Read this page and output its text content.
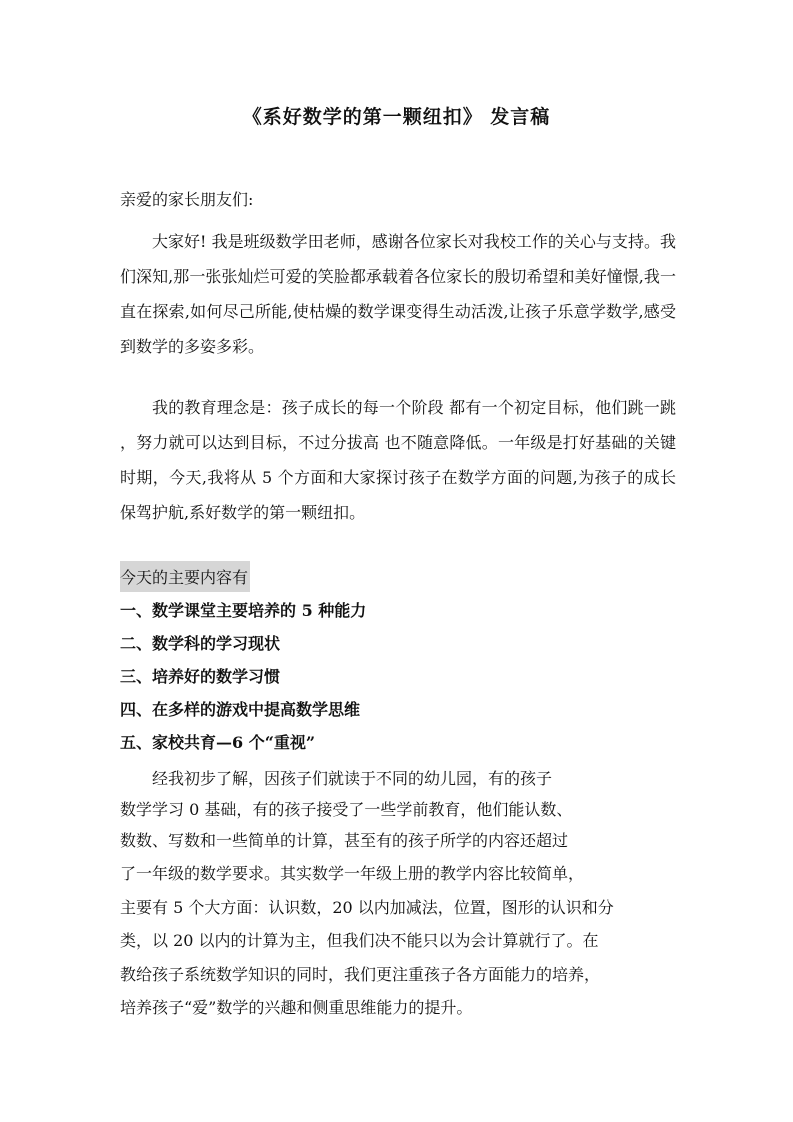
《系好数学的第一颗纽扣》 发言稿
亲爱的家长朋友们:

大家好! 我是班级数学田老师，感谢各位家长对我校工作的关心与支持。我们深知,那一张张灿烂可爱的笑脸都承载着各位家长的殷切希望和美好憧憬,我一直在探索,如何尽己所能,使枯燥的数学课变得生动活泼,让孩子乐意学数学,感受到数学的多姿多彩。

我的教育理念是：孩子成长的每一个阶段 都有一个初定目标，他们跳一跳 ，努力就可以达到目标，不过分拔高 也不随意降低。一年级是打好基础的关键时期，今天,我将从 5 个方面和大家探讨孩子在数学方面的问题,为孩子的成长保驾护航,系好数学的第一颗纽扣。

今天的主要内容有
一、数学课堂主要培养的 5 种能力
二、数学科的学习现状
三、培养好的数学习惯
四、在多样的游戏中提高数学思维
五、家校共育—6 个“重视”
经我初步了解，因孩子们就读于不同的幼儿园，有的孩子
数学学习 0 基础，有的孩子接受了一些学前教育，他们能认数、
数数、写数和一些简单的计算，甚至有的孩子所学的内容还超过
了一年级的数学要求。其实数学一年级上册的教学内容比较简单，
主要有 5 个大方面：认识数，20 以内加减法，位置，图形的认识和分
类，以 20 以内的计算为主，但我们决不能只以为会计算就行了。在
教给孩子系统数学知识的同时，我们更注重孩子各方面能力的培养，
培养孩子“爱”数学的兴趣和侧重思维能力的提升。
